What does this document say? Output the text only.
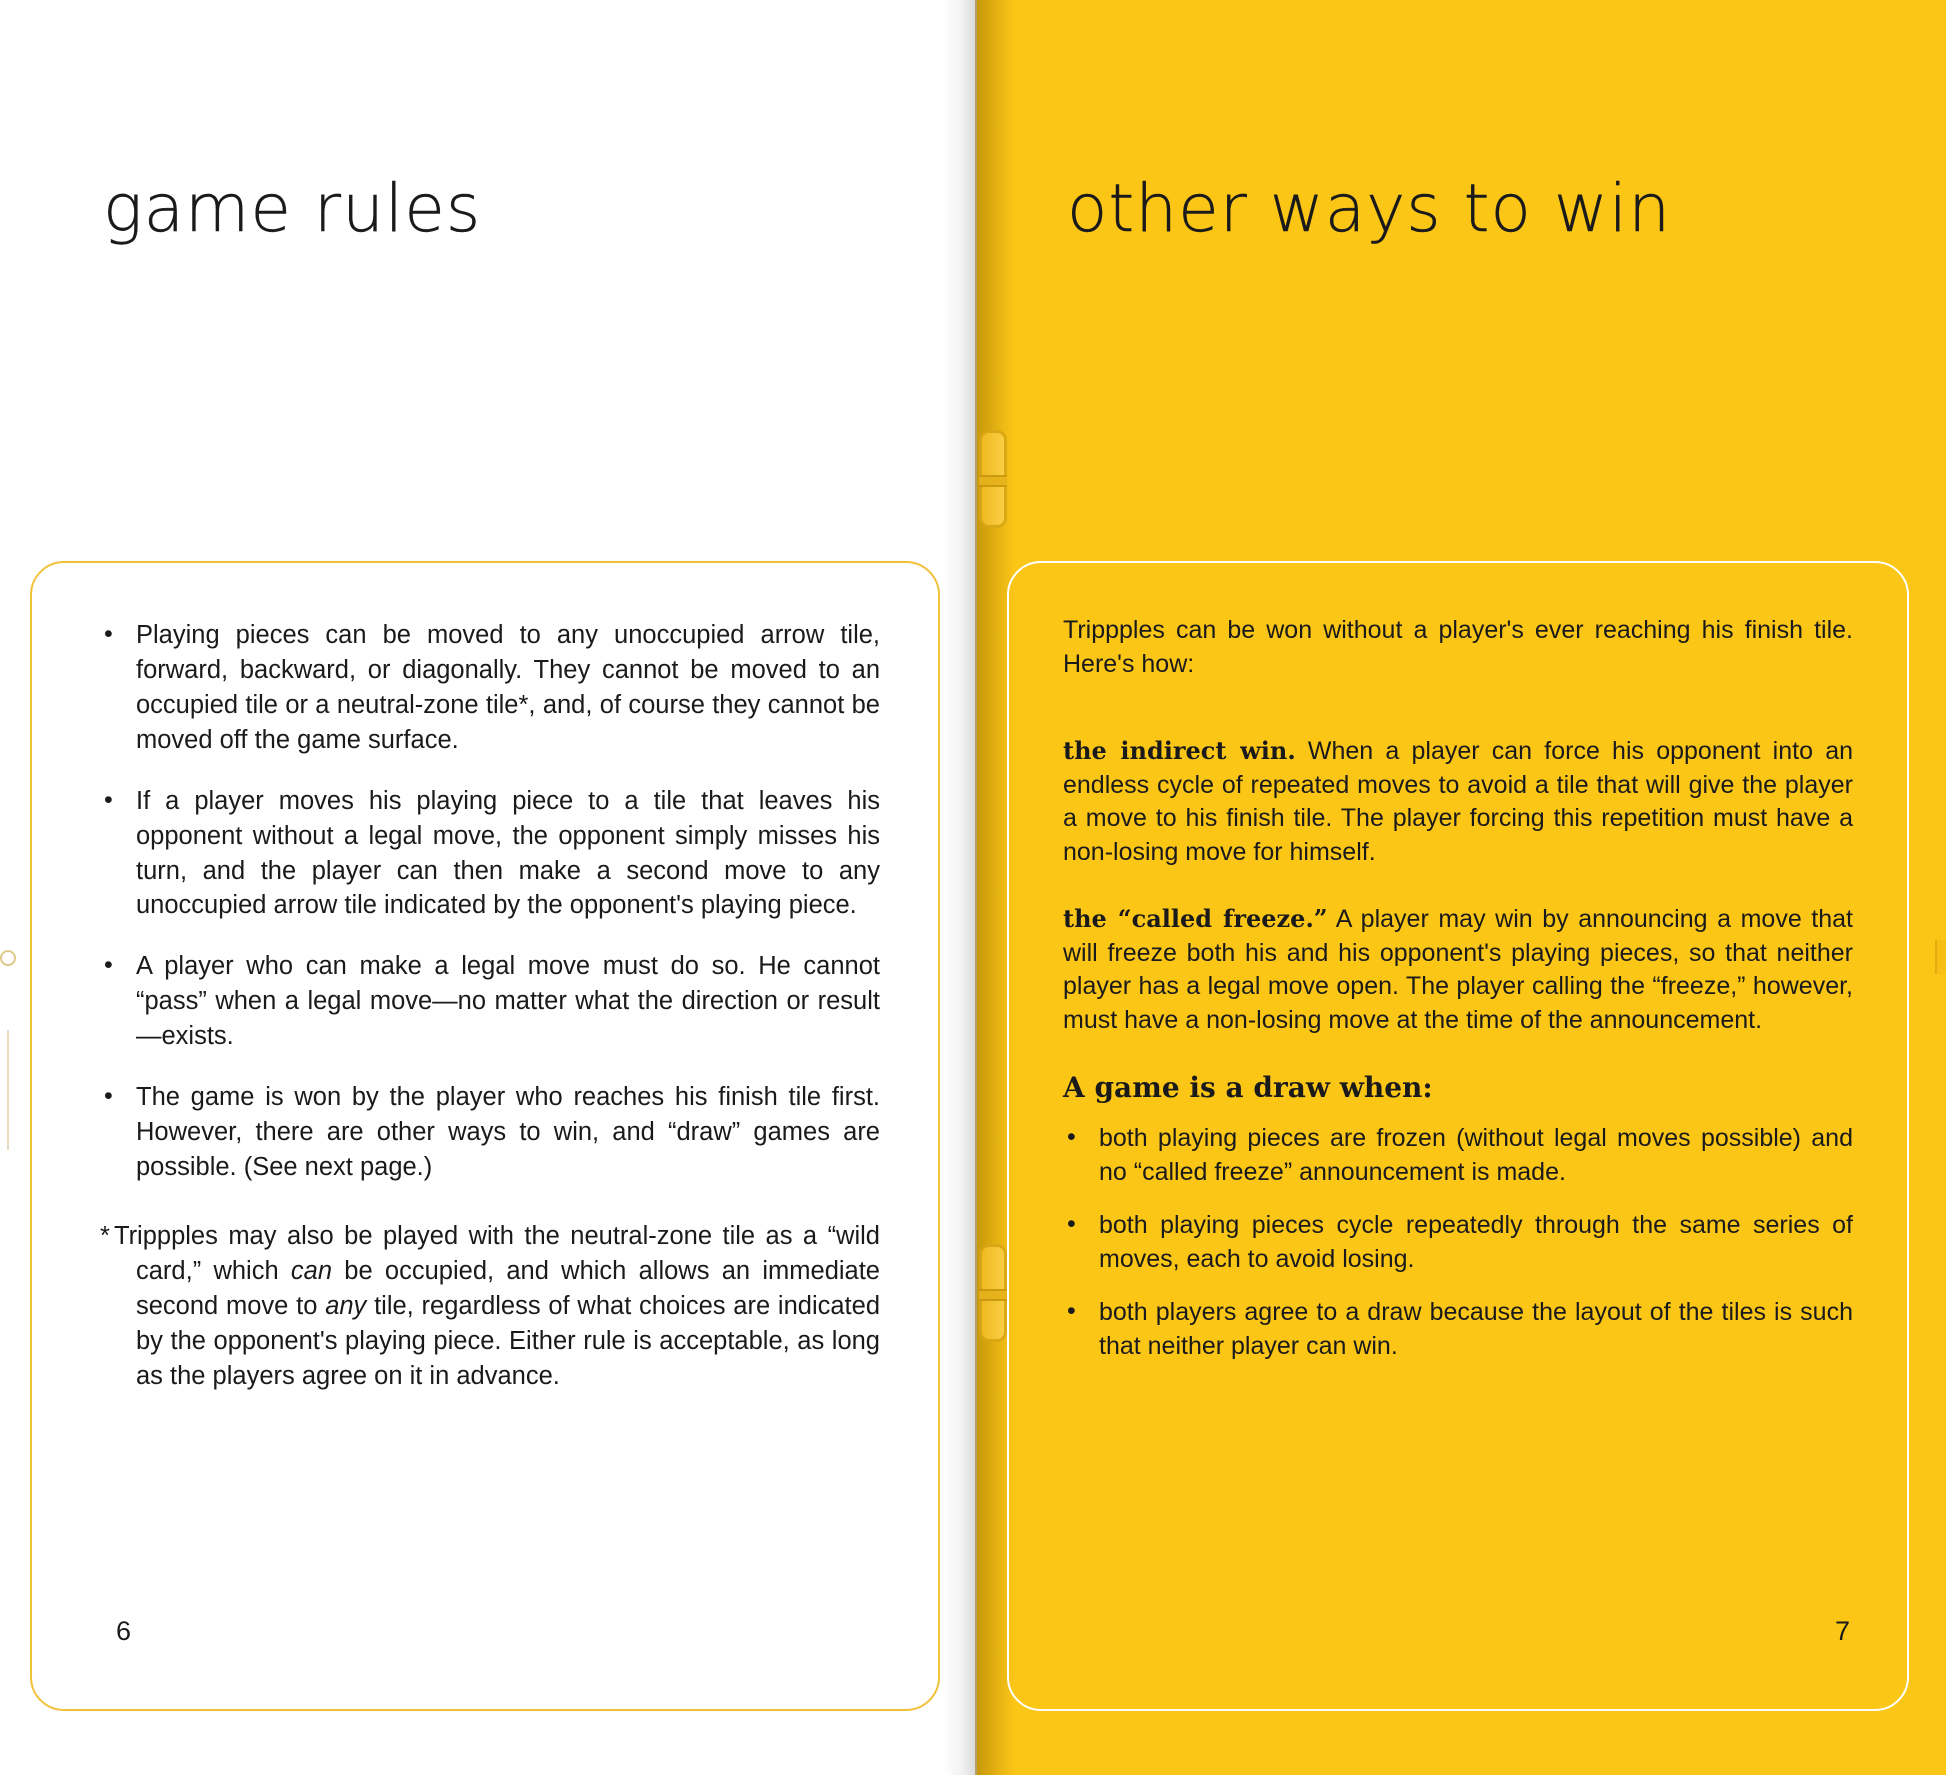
game rules
• Playing pieces can be moved to any unoccupied arrow tile, forward, backward, or diagonally. They cannot be moved to an occupied tile or a neutral-zone tile*, and, of course they cannot be moved off the game surface.
• If a player moves his playing piece to a tile that leaves his opponent without a legal move, the opponent simply misses his turn, and the player can then make a second move to any unoccupied arrow tile indicated by the opponent's playing piece.
• A player who can make a legal move must do so. He cannot “pass” when a legal move—no matter what the direction or result—exists.
• The game is won by the player who reaches his finish tile first. However, there are other ways to win, and “draw” games are possible. (See next page.)
*Trippples may also be played with the neutral-zone tile as a “wild card,” which can be occupied, and which allows an immediate second move to any tile, regardless of what choices are indicated by the opponent's playing piece. Either rule is acceptable, as long as the players agree on it in advance.
6
other ways to win

Trippples can be won without a player's ever reaching his finish tile. Here's how:

the indirect win. When a player can force his opponent into an endless cycle of repeated moves to avoid a tile that will give the player a move to his finish tile. The player forcing this repetition must have a non-losing move for himself.

the “called freeze.” A player may win by announcing a move that will freeze both his and his opponent's playing pieces, so that neither player has a legal move open. The player calling the “freeze,” however, must have a non-losing move at the time of the announcement.

A game is a draw when:
• both playing pieces are frozen (without legal moves possible) and no “called freeze” announcement is made.
• both playing pieces cycle repeatedly through the same series of moves, each to avoid losing.
• both players agree to a draw because the layout of the tiles is such that neither player can win.
7
